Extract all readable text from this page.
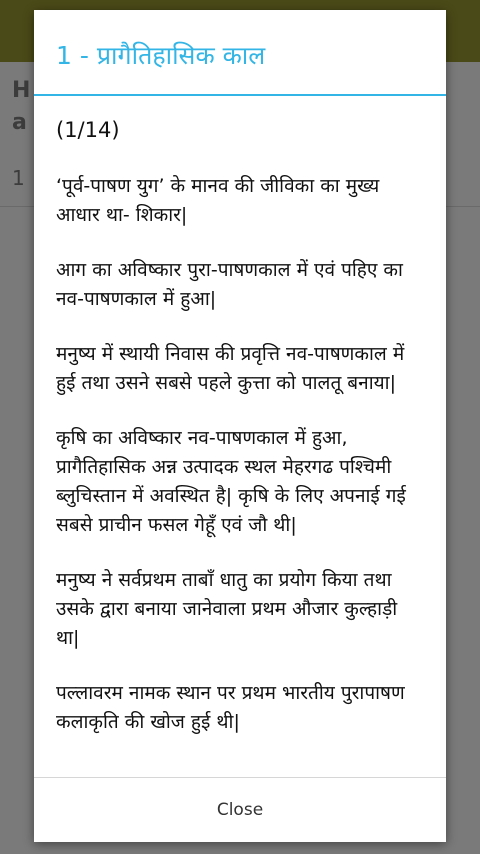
H
a
1
1 - प्रागैतिहासिक काल
(1/14)

‘पूर्व-पाषण युग’ के मानव की जीविका का मुख्य आधार था- शिकार|

आग का अविष्कार पुरा-पाषणकाल में एवं पहिए का नव-पाषणकाल में हुआ|

मनुष्य में स्थायी निवास की प्रवृत्ति नव-पाषणकाल में हुई तथा उसने सबसे पहले कुत्ता को पालतू बनाया|

कृषि का अविष्कार नव-पाषणकाल में हुआ, प्रागैतिहासिक अन्न उत्पादक स्थल मेहरगढ पश्चिमी ब्लुचिस्तान में अवस्थित है| कृषि के लिए अपनाई गई सबसे प्राचीन फसल गेहूँ एवं जौ थी|

मनुष्य ने सर्वप्रथम ताबाँ धातु का प्रयोग किया तथा उसके द्वारा बनाया जानेवाला प्रथम औजार कुल्हाड़ी था|

पल्लावरम नामक स्थान पर प्रथम भारतीय पुरापाषण कलाकृति की खोज हुई थी|

Close
